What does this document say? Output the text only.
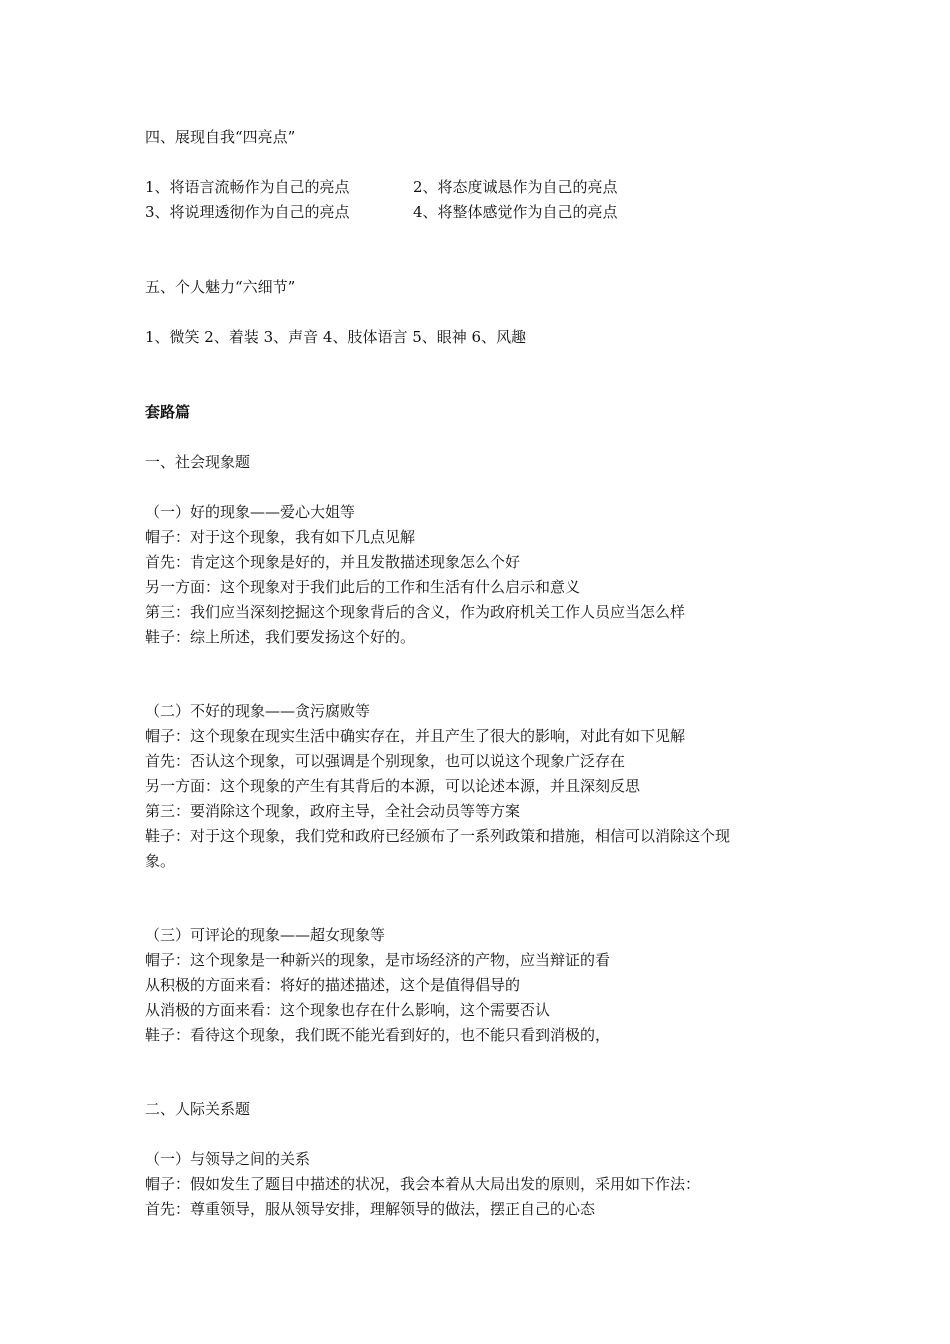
四、展现自我“四亮点”
1、将语言流畅作为自己的亮点	2、将态度诚恳作为自己的亮点
3、将说理透彻作为自己的亮点	4、将整体感觉作为自己的亮点
五、个人魅力“六细节”
1、微笑 2、着装 3、声音 4、肢体语言 5、眼神 6、风趣
套路篇
一、社会现象题
（一）好的现象——爱心大姐等
帽子：对于这个现象，我有如下几点见解
首先：肯定这个现象是好的，并且发散描述现象怎么个好
另一方面：这个现象对于我们此后的工作和生活有什么启示和意义
第三：我们应当深刻挖掘这个现象背后的含义，作为政府机关工作人员应当怎么样
鞋子：综上所述，我们要发扬这个好的。
（二）不好的现象——贪污腐败等
帽子：这个现象在现实生活中确实存在，并且产生了很大的影响，对此有如下见解
首先：否认这个现象，可以强调是个别现象，也可以说这个现象广泛存在
另一方面：这个现象的产生有其背后的本源，可以论述本源，并且深刻反思
第三：要消除这个现象，政府主导，全社会动员等等方案
鞋子：对于这个现象，我们党和政府已经颁布了一系列政策和措施，相信可以消除这个现
象。
（三）可评论的现象——超女现象等
帽子：这个现象是一种新兴的现象，是市场经济的产物，应当辩证的看
从积极的方面来看：将好的描述描述，这个是值得倡导的
从消极的方面来看：这个现象也存在什么影响，这个需要否认
鞋子：看待这个现象，我们既不能光看到好的，也不能只看到消极的，
二、人际关系题
（一）与领导之间的关系
帽子：假如发生了题目中描述的状况，我会本着从大局出发的原则，采用如下作法：
首先：尊重领导，服从领导安排，理解领导的做法，摆正自己的心态
